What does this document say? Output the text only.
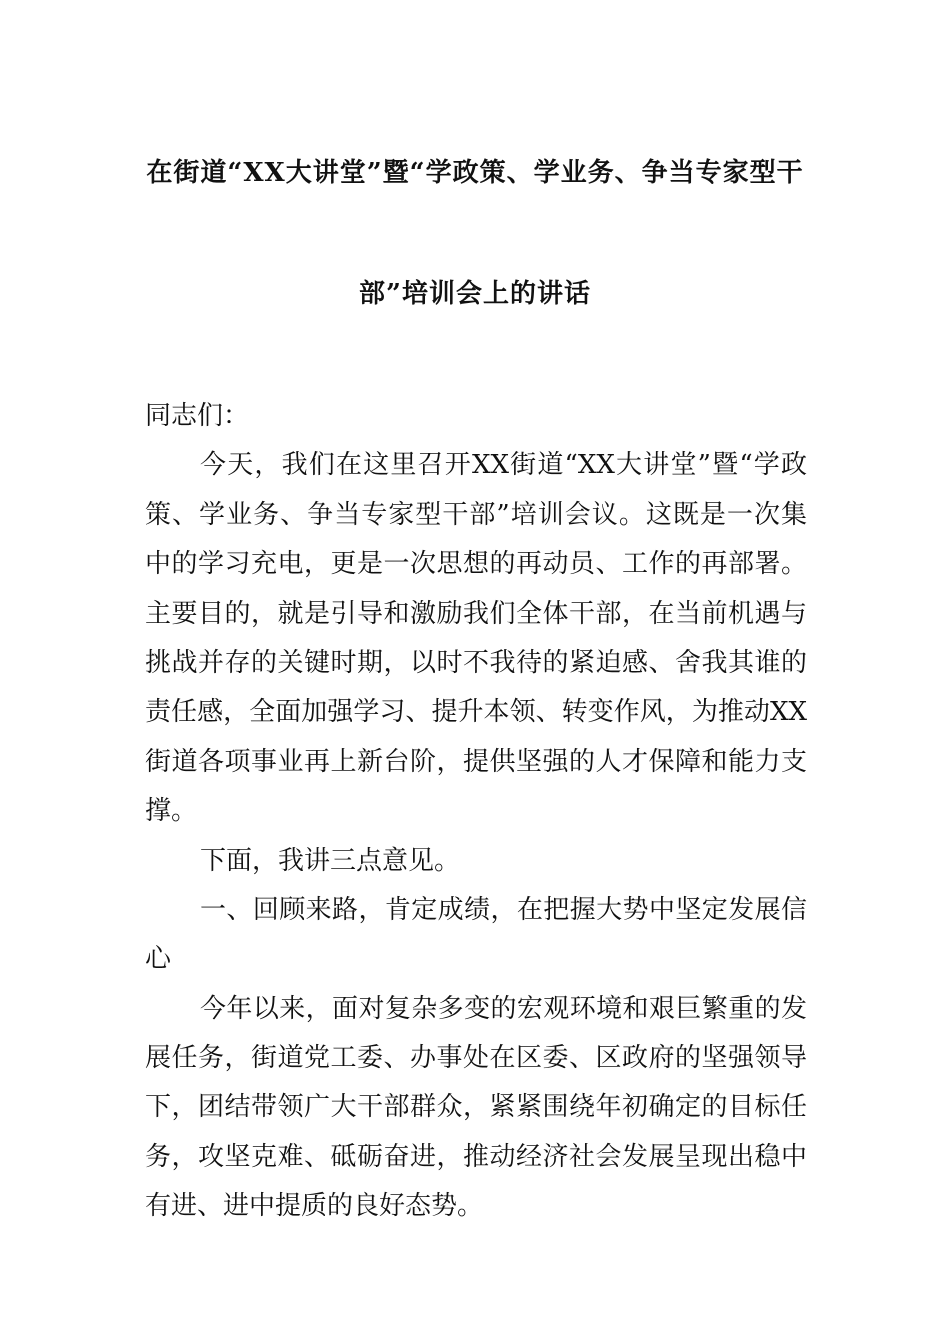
在街道“XX大讲堂”暨“学政策、学业务、争当专家型干
部”培训会上的讲话
同志们：
今天，我们在这里召开XX街道“XX大讲堂”暨“学政
策、学业务、争当专家型干部”培训会议。这既是一次集
中的学习充电，更是一次思想的再动员、工作的再部署。
主要目的，就是引导和激励我们全体干部，在当前机遇与
挑战并存的关键时期，以时不我待的紧迫感、舍我其谁的
责任感，全面加强学习、提升本领、转变作风，为推动XX
街道各项事业再上新台阶，提供坚强的人才保障和能力支
撑。
下面，我讲三点意见。
一、回顾来路，肯定成绩，在把握大势中坚定发展信
心
今年以来，面对复杂多变的宏观环境和艰巨繁重的发
展任务，街道党工委、办事处在区委、区政府的坚强领导
下，团结带领广大干部群众，紧紧围绕年初确定的目标任
务，攻坚克难、砥砺奋进，推动经济社会发展呈现出稳中
有进、进中提质的良好态势。
